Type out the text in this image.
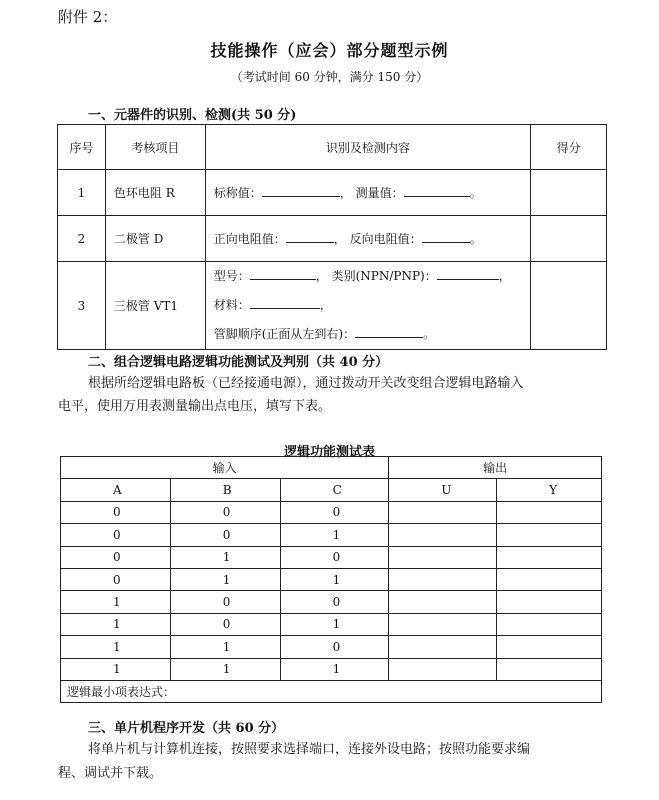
附件 2：
技能操作（应会）部分题型示例
（考试时间 60 分钟，满分 150 分）
一、元器件的识别、检测(共 50 分)
序号	考核项目	识别及检测内容	得分
1	色环电阻 R	标称值： ， 测量值： 。	
2	二极管 D	正向电阻值： ， 反向电阻值： 。	
3	三极管 VT1	型号： ， 类别(NPN/PNP)： ，
材料： ，
管脚顺序(正面从左到右)： 。	

二、组合逻辑电路逻辑功能测试及判别（共 40 分）
根据所给逻辑电路板（已经接通电源），通过拨动开关改变组合逻辑电路输入
电平，使用万用表测量输出点电压，填写下表。
逻辑功能测试表
输入			输出	
A	B	C	U	Y
0	0	0		
0	0	1		
0	1	0		
0	1	1		
1	0	0		
1	0	1		
1	1	0		
1	1	1		
逻辑最小项表达式：				
三、单片机程序开发（共 60 分）
将单片机与计算机连接，按照要求选择端口，连接外设电路；按照功能要求编
程、调试并下载。
